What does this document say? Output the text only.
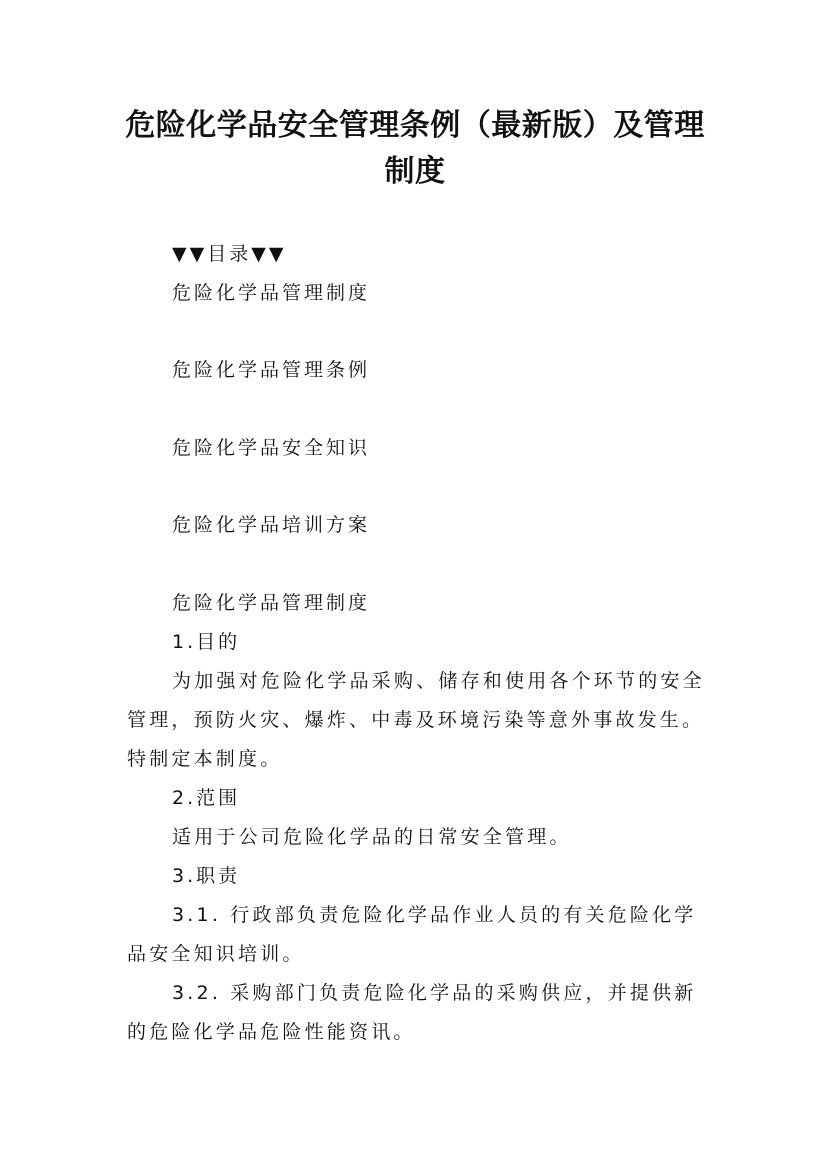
危险化学品安全管理条例（最新版）及管理
制度
▼▼目录▼▼
危险化学品管理制度
危险化学品管理条例
危险化学品安全知识
危险化学品培训方案
危险化学品管理制度
1.目的
为加强对危险化学品采购、储存和使用各个环节的安全
管理，预防火灾、爆炸、中毒及环境污染等意外事故发生。
特制定本制度。
2.范围
适用于公司危险化学品的日常安全管理。
3.职责
3.1. 行政部负责危险化学品作业人员的有关危险化学
品安全知识培训。
3.2. 采购部门负责危险化学品的采购供应，并提供新
的危险化学品危险性能资讯。
